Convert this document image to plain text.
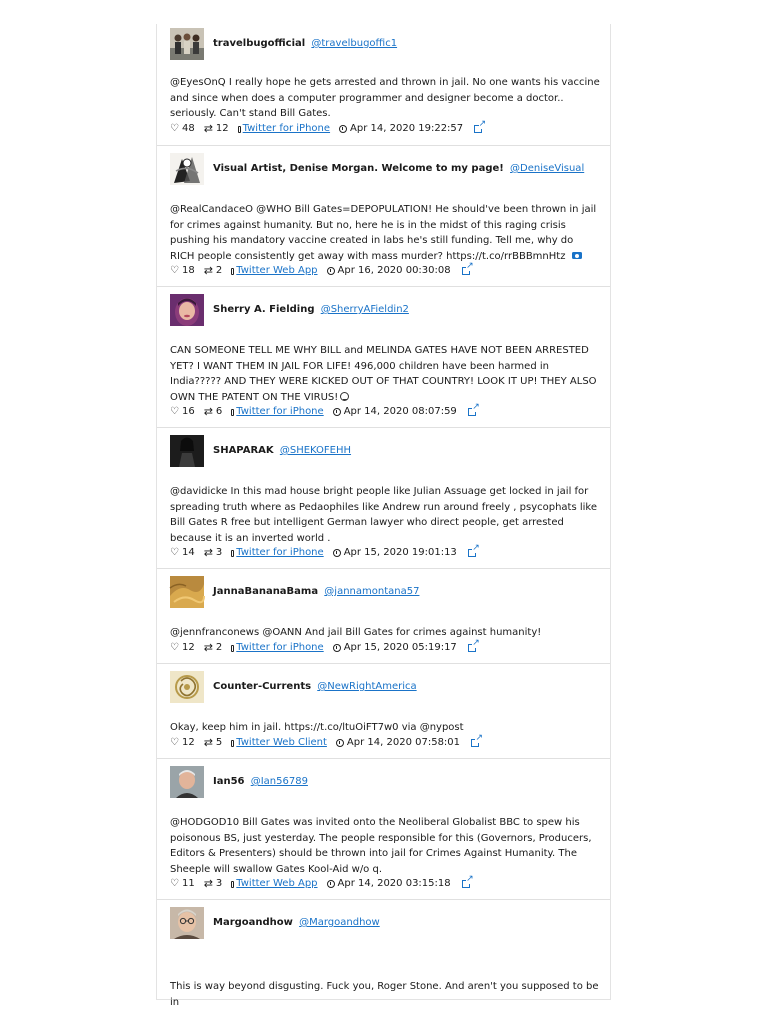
travelbugofficial @travelbugoffic1
@EyesOnQ I really hope he gets arrested and thrown in jail. No one wants his vaccine and since when does a computer programmer and designer become a doctor.. seriously. Can't stand Bill Gates.
♡ 48 ⇄ 12 Twitter for iPhone Apr 14, 2020 19:22:57
↗
Visual Artist, Denise Morgan. Welcome to my page! @DeniseVisual
@RealCandaceO @WHO Bill Gates=DEPOPULATION! He should've been thrown in jail for crimes against humanity. But no, here he is in the midst of this raging crisis pushing his mandatory vaccine created in labs he's still funding. Tell me, why do RICH people consistently get away with mass murder? https://t.co/rrBBBmnHtz
♡ 18 ⇄ 2 Twitter Web App Apr 16, 2020 00:30:08
↗
Sherry A. Fielding @SherryAFieldin2
CAN SOMEONE TELL ME WHY BILL and MELINDA GATES HAVE NOT BEEN ARRESTED YET? I WANT THEM IN JAIL FOR LIFE! 496,000 children have been harmed in India????? AND THEY WERE KICKED OUT OF THAT COUNTRY! LOOK IT UP! THEY ALSO OWN THE PATENT ON THE VIRUS!
♡ 16 ⇄ 6 Twitter for iPhone Apr 14, 2020 08:07:59
↗
SHAPARAK @SHEKOFEHH
@davidicke In this mad house bright people like Julian Assuage get locked in jail for spreading truth where as Pedaophiles like Andrew run around freely , psycophats like Bill Gates R free but intelligent German lawyer who direct people, get arrested because it is an inverted world .
♡ 14 ⇄ 3 Twitter for iPhone Apr 15, 2020 19:01:13
↗
JannaBananaBama @jannamontana57
@jennfranconews @OANN And jail Bill Gates for crimes against humanity!
♡ 12 ⇄ 2 Twitter for iPhone Apr 15, 2020 05:19:17
↗
Counter-Currents @NewRightAmerica
Okay, keep him in jail. https://t.co/ltuOiFT7w0 via @nypost
♡ 12 ⇄ 5 Twitter Web Client Apr 14, 2020 07:58:01
↗
Ian56 @Ian56789
@HODGOD10 Bill Gates was invited onto the Neoliberal Globalist BBC to spew his poisonous BS, just yesterday. The people responsible for this (Governors, Producers, Editors & Presenters) should be thrown into jail for Crimes Against Humanity. The Sheeple will swallow Gates Kool-Aid w/o q.
♡ 11 ⇄ 3 Twitter Web App Apr 14, 2020 03:15:18
↗
Margoandhow @Margoandhow
This is way beyond disgusting. Fuck you, Roger Stone. And aren't you supposed to be in
